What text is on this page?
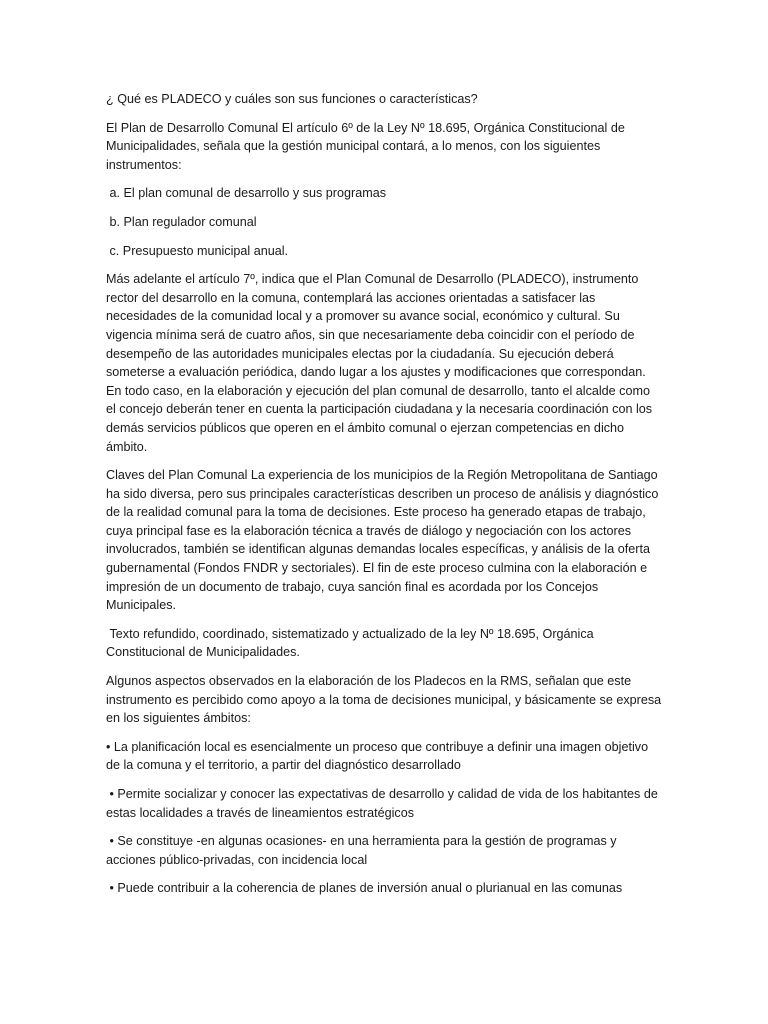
¿ Qué es PLADECO y cuáles son sus funciones o características?

El Plan de Desarrollo Comunal El artículo 6º de la Ley Nº 18.695, Orgánica Constitucional de Municipalidades, señala que la gestión municipal contará, a lo menos, con los siguientes instrumentos:

a. El plan comunal de desarrollo y sus programas

b. Plan regulador comunal

c. Presupuesto municipal anual.

Más adelante el artículo 7º, indica que el Plan Comunal de Desarrollo (PLADECO), instrumento rector del desarrollo en la comuna, contemplará las acciones orientadas a satisfacer las necesidades de la comunidad local y a promover su avance social, económico y cultural. Su vigencia mínima será de cuatro años, sin que necesariamente deba coincidir con el período de desempeño de las autoridades municipales electas por la ciudadanía. Su ejecución deberá someterse a evaluación periódica, dando lugar a los ajustes y modificaciones que correspondan. En todo caso, en la elaboración y ejecución del plan comunal de desarrollo, tanto el alcalde como el concejo deberán tener en cuenta la participación ciudadana y la necesaria coordinación con los demás servicios públicos que operen en el ámbito comunal o ejerzan competencias en dicho ámbito.

Claves del Plan Comunal La experiencia de los municipios de la Región Metropolitana de Santiago ha sido diversa, pero sus principales características describen un proceso de análisis y diagnóstico de la realidad comunal para la toma de decisiones. Este proceso ha generado etapas de trabajo, cuya principal fase es la elaboración técnica a través de diálogo y negociación con los actores involucrados, también se identifican algunas demandas locales específicas, y análisis de la oferta gubernamental (Fondos FNDR y sectoriales). El fin de este proceso culmina con la elaboración e impresión de un documento de trabajo, cuya sanción final es acordada por los Concejos Municipales.

Texto refundido, coordinado, sistematizado y actualizado de la ley Nº 18.695, Orgánica Constitucional de Municipalidades.

Algunos aspectos observados en la elaboración de los Pladecos en la RMS, señalan que este instrumento es percibido como apoyo a la toma de decisiones municipal, y básicamente se expresa en los siguientes ámbitos:

• La planificación local es esencialmente un proceso que contribuye a definir una imagen objetivo de la comuna y el territorio, a partir del diagnóstico desarrollado

• Permite socializar y conocer las expectativas de desarrollo y calidad de vida de los habitantes de estas localidades a través de lineamientos estratégicos

• Se constituye -en algunas ocasiones- en una herramienta para la gestión de programas y acciones público-privadas, con incidencia local

• Puede contribuir a la coherencia de planes de inversión anual o plurianual en las comunas
